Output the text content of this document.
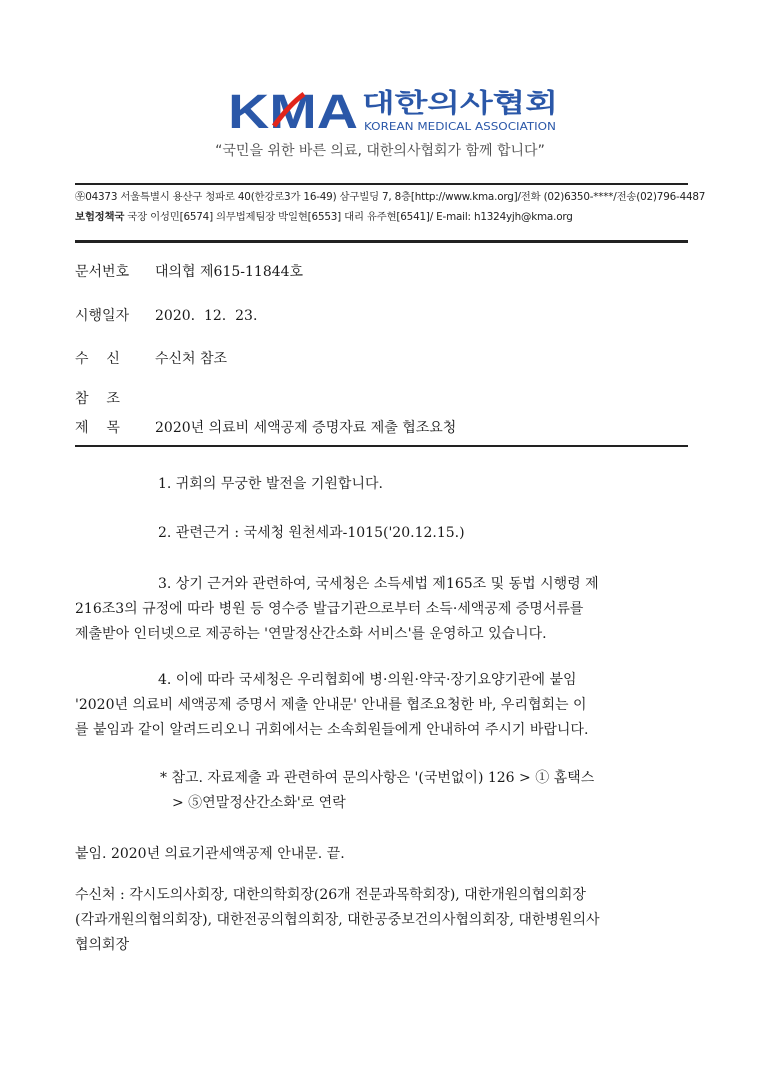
KMA 대한의사협회
KOREAN MEDICAL ASSOCIATION
“국민을 위한 바른 의료, 대한의사협회가 함께 합니다”
㉾04373 서울특별시 용산구 청파로 40(한강로3가 16-49) 삼구빌딩 7, 8층[http://www.kma.org]/전화 (02)6350-****/전송(02)796-4487
보험정책국 국장 이성민[6574] 의무법제팀장 박일현[6553] 대리 유주현[6541]/ E-mail: h1324yjh@kma.org
문서번호 대의협 제615-11844호
시행일자 2020.  12.  23.
수    신	수신처 참조
참    조
제    목	2020년 의료비 세액공제 증명자료 제출 협조요청
1. 귀회의 무궁한 발전을 기원합니다.
2. 관련근거 : 국세청 원천세과-1015('20.12.15.)
3. 상기 근거와 관련하여, 국세청은 소득세법 제165조 및 동법 시행령 제
216조3의 규정에 따라 병원 등 영수증 발급기관으로부터 소득·세액공제 증명서류를
제출받아 인터넷으로 제공하는 '연말정산간소화 서비스'를 운영하고 있습니다.
4. 이에 따라 국세청은 우리협회에 병·의원·약국·장기요양기관에 붙임
'2020년 의료비 세액공제 증명서 제출 안내문' 안내를 협조요청한 바, 우리협회는 이
를 붙임과 같이 알려드리오니 귀회에서는 소속회원들에게 안내하여 주시기 바랍니다.
* 참고. 자료제출 과 관련하여 문의사항은 '(국번없이) 126 > ① 홈택스
> ⑤연말정산간소화'로 연락
붙임. 2020년 의료기관세액공제 안내문. 끝.
수신처 : 각시도의사회장, 대한의학회장(26개 전문과목학회장), 대한개원의협의회장
(각과개원의협의회장), 대한전공의협의회장, 대한공중보건의사협의회장, 대한병원의사
협의회장
